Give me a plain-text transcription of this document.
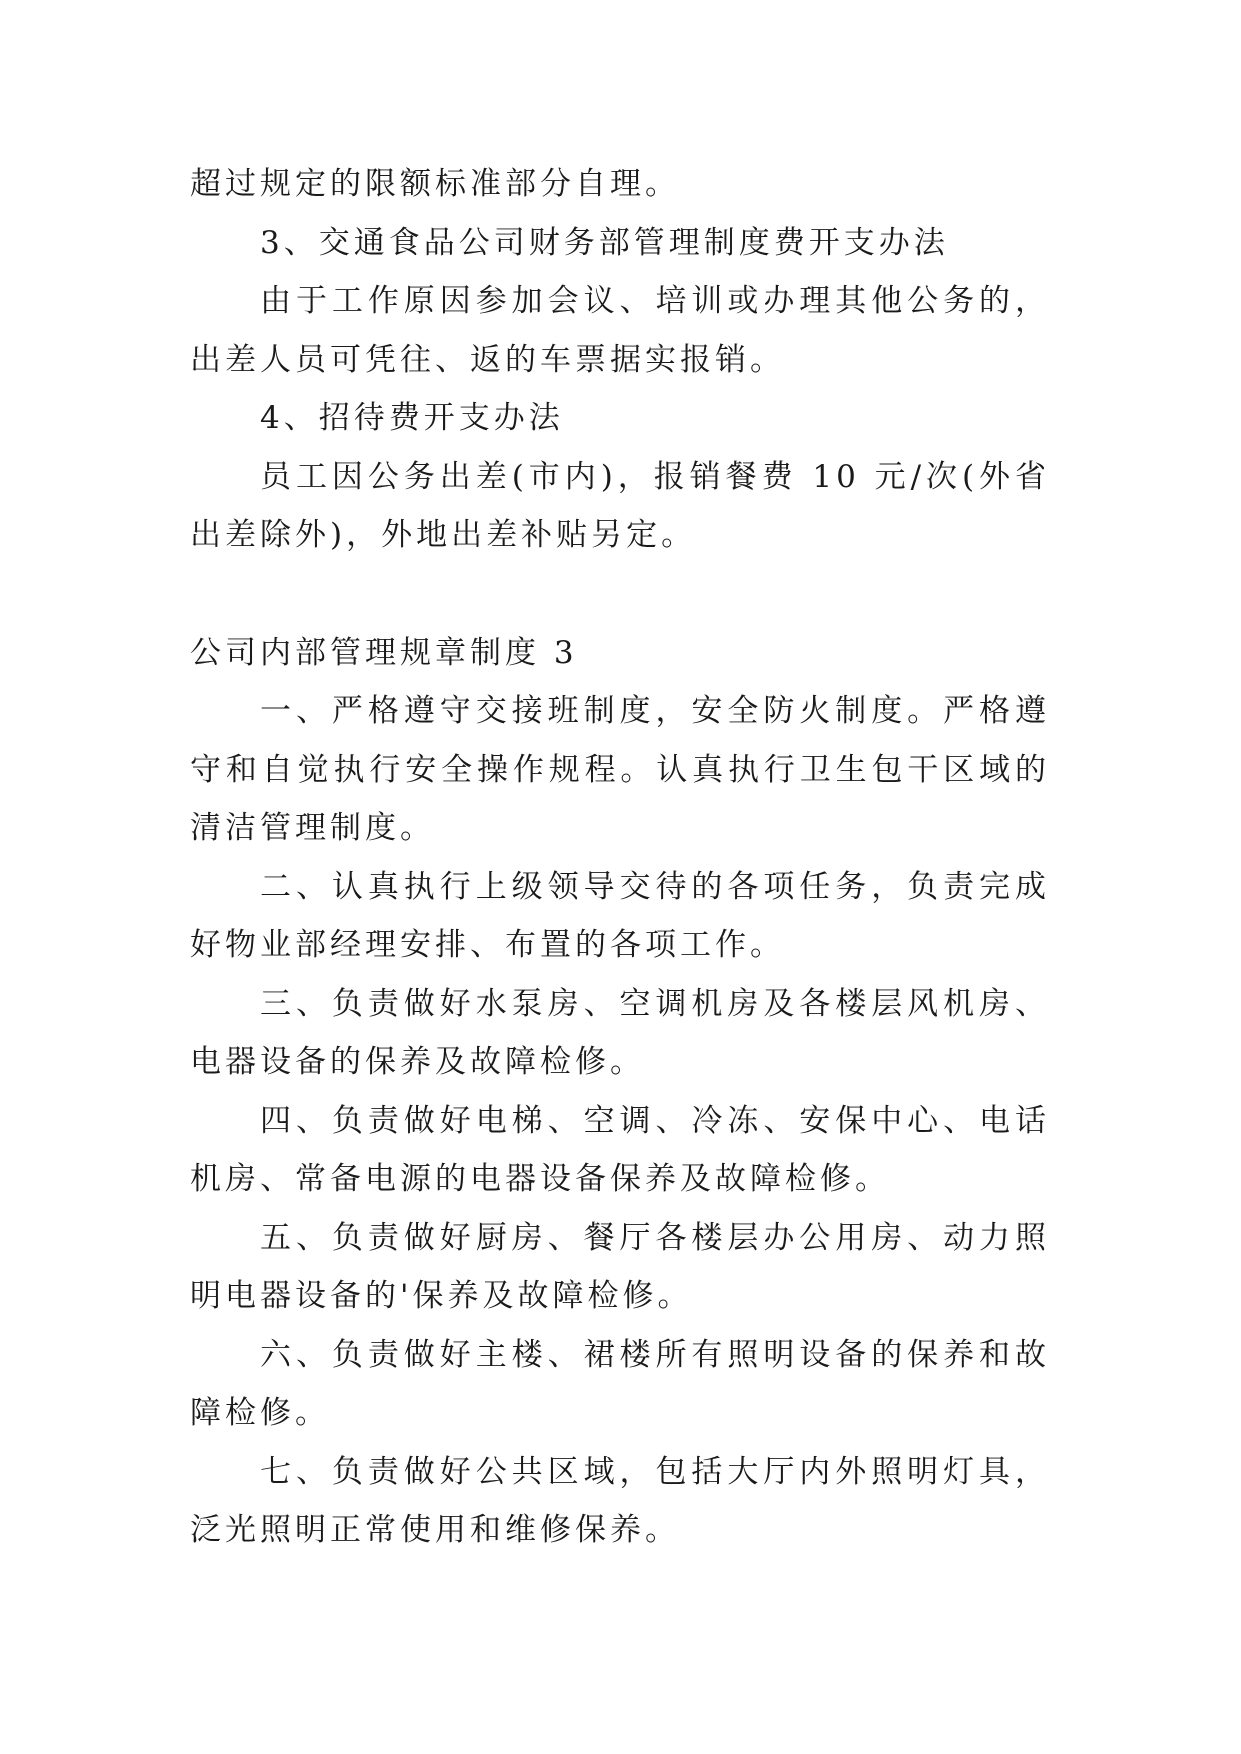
超过规定的限额标准部分自理。

3、交通食品公司财务部管理制度费开支办法

由于工作原因参加会议、培训或办理其他公务的，出差人员可凭往、返的车票据实报销。

4、招待费开支办法

员工因公务出差(市内)，报销餐费 10 元/次(外省出差除外)，外地出差补贴另定。

公司内部管理规章制度 3

一、严格遵守交接班制度，安全防火制度。严格遵守和自觉执行安全操作规程。认真执行卫生包干区域的清洁管理制度。

二、认真执行上级领导交待的各项任务，负责完成好物业部经理安排、布置的各项工作。

三、负责做好水泵房、空调机房及各楼层风机房、电器设备的保养及故障检修。

四、负责做好电梯、空调、冷冻、安保中心、电话机房、常备电源的电器设备保养及故障检修。

五、负责做好厨房、餐厅各楼层办公用房、动力照明电器设备的'保养及故障检修。

六、负责做好主楼、裙楼所有照明设备的保养和故障检修。

七、负责做好公共区域，包括大厅内外照明灯具，泛光照明正常使用和维修保养。
